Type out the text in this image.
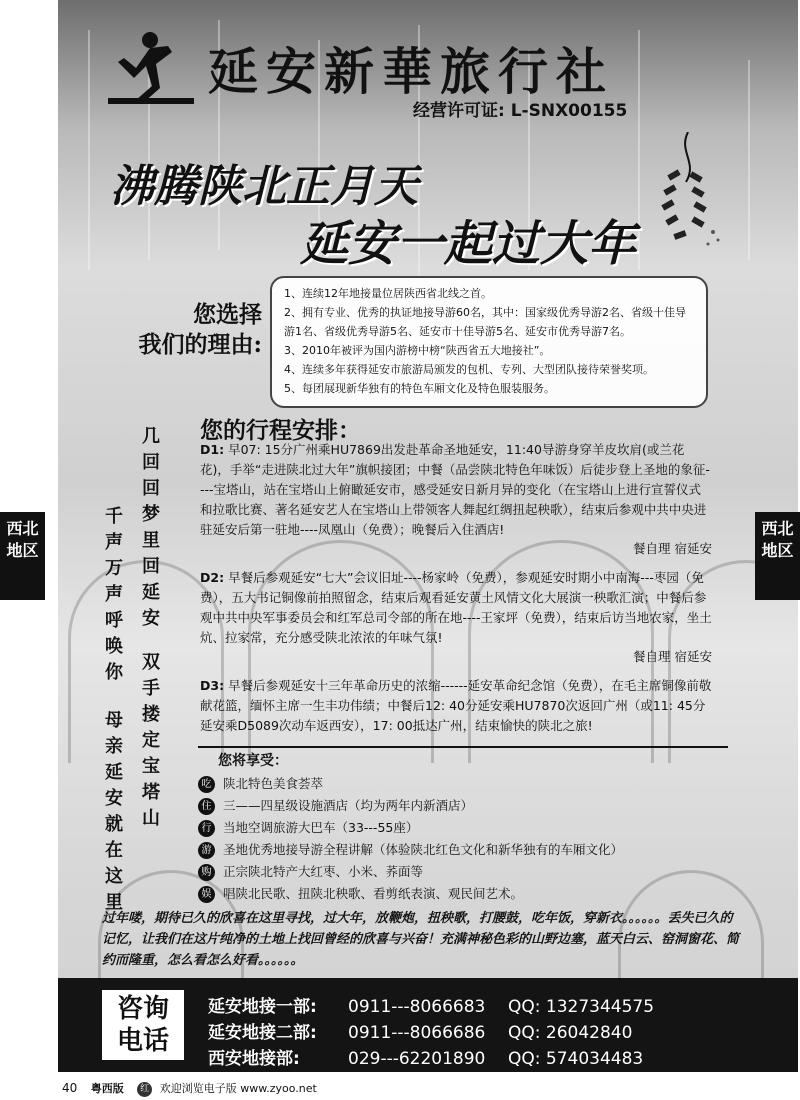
延安新華旅行社
经营许可证: L-SNX00155
沸腾陕北正月天
延安一起过大年
您选择
我们的理由:

1、连续12年地接量位居陕西省北线之首。

2、拥有专业、优秀的执证地接导游60名，其中：国家级优秀导游2名、省级十佳导游1名、省级优秀导游5名、延安市十佳导游5名、延安市优秀导游7名。

3、2010年被评为国内游榜中榜“陕西省五大地接社”。

4、连续多年获得延安市旅游局颁发的包机、专列、大型团队接待荣誉奖项。

5、每团展现新华独有的特色车厢文化及特色服装服务。

几回回梦里回延安
双手搂定宝塔山
千声万声呼唤你
母亲延安就在这里
您的行程安排：

D1: 早07: 15分广州乘HU7869出发赴革命圣地延安，11:40导游身穿羊皮坎肩(或兰花花)，手举“走进陕北过大年”旗帜接团；中餐（品尝陕北特色年味饭）后徒步登上圣地的象征----宝塔山，站在宝塔山上俯瞰延安市，感受延安日新月异的变化（在宝塔山上进行宣誓仪式和拉歌比赛、著名延安艺人在宝塔山上带领客人舞起红绸扭起秧歌），结束后参观中共中央进驻延安后第一驻地----凤凰山（免费）；晚餐后入住酒店!

餐自理 宿延安

D2: 早餐后参观延安“七大”会议旧址----杨家岭（免费），参观延安时期小中南海---枣园（免费），五大书记铜像前拍照留念，结束后观看延安黄土风情文化大展演一秧歌汇演；中餐后参观中共中央军事委员会和红军总司令部的所在地----王家坪（免费），结束后访当地农家，坐土炕、拉家常，充分感受陕北浓浓的年味气氛!

餐自理 宿延安

D3: 早餐后参观延安十三年革命历史的浓缩------延安革命纪念馆（免费），在毛主席铜像前敬献花篮，缅怀主席一生丰功伟绩；中餐后12: 40分延安乘HU7870次返回广州（或11: 45分延安乘D5089次动车返西安），17: 00抵达广州，结束愉快的陕北之旅!

您将享受：
吃 陕北特色美食荟萃
住 三——四星级设施酒店（均为两年内新酒店）
行 当地空调旅游大巴车（33---55座）
游 圣地优秀地接导游全程讲解（体验陕北红色文化和新华独有的车厢文化）
购 正宗陕北特产大红枣、小米、荞面等
娱 唱陕北民歌、扭陕北秧歌、看剪纸表演、观民间艺术。
过年喽，期待已久的欣喜在这里寻找，过大年，放鞭炮，扭秧歌，打腰鼓，吃年饭，穿新衣。。。。。。丢失已久的记忆，让我们在这片纯净的土地上找回曾经的欣喜与兴奋！充满神秘色彩的山野边塞，蓝天白云、窑洞窗花、简约而隆重，怎么看怎么好看。。。。。。
咨询电话
延安地接一部: 0911---8066683 QQ: 1327344575
延安地接二部: 0911---8066686 QQ: 26042840
西安地接部:	029---62201890 QQ: 574034483
西北
地区
西北
地区
40 粤西版 红 欢迎浏览电子版 www.zyoo.net
